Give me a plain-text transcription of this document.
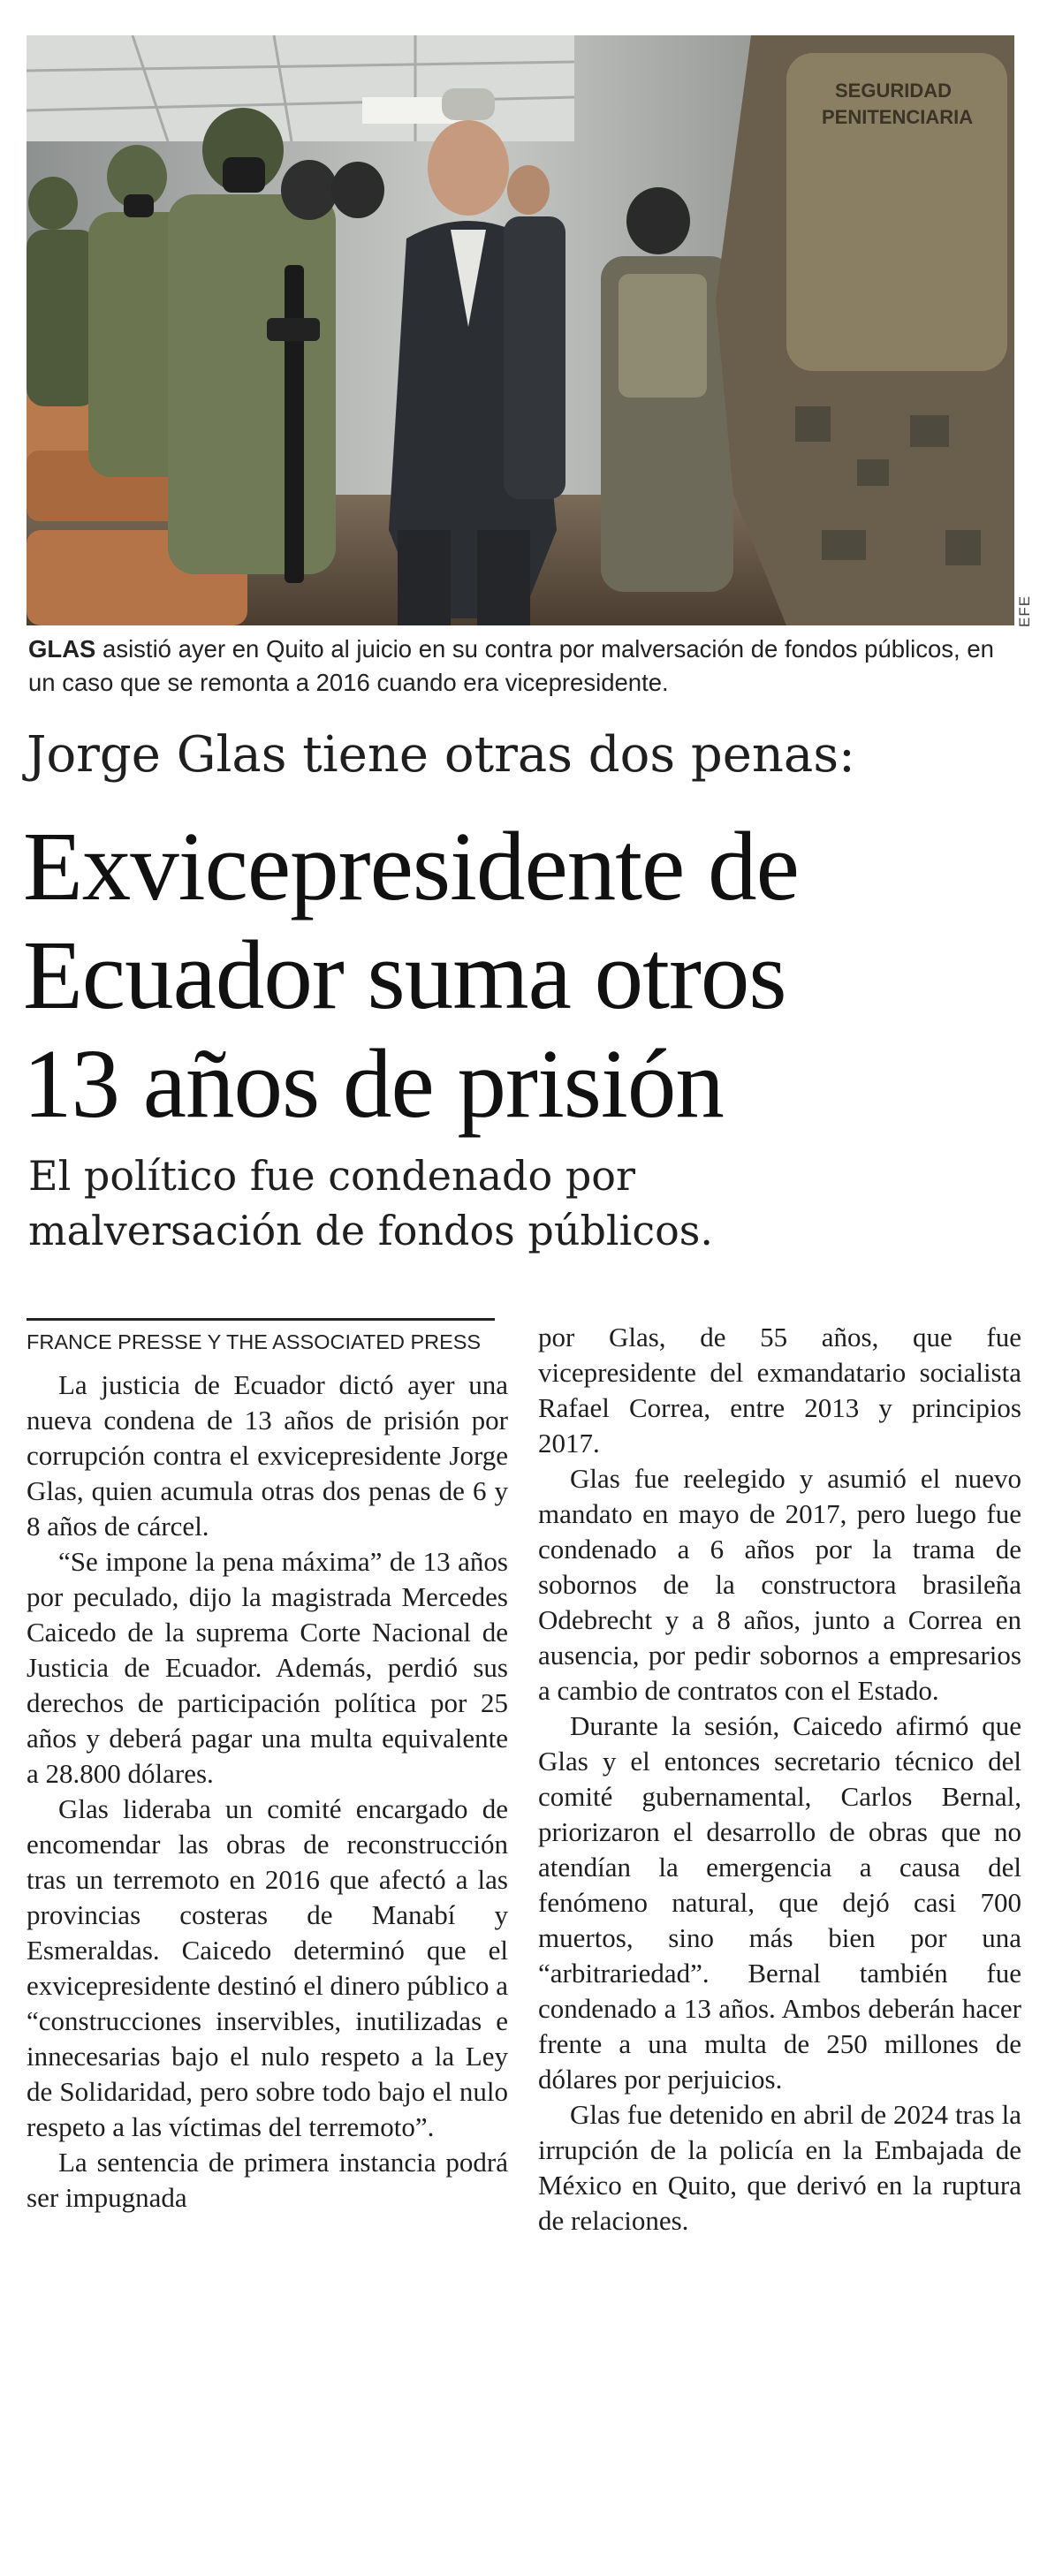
SEGURIDAD
PENITENCIARIA
EFE
GLAS asistió ayer en Quito al juicio en su contra por malversación de fondos públicos, en un caso que se remonta a 2016 cuando era vicepresidente.
Jorge Glas tiene otras dos penas:
Exvicepresidente de
Ecuador suma otros
13 años de prisión
El político fue condenado por
malversación de fondos públicos.
FRANCE PRESSE Y THE ASSOCIATED PRESS

La justicia de Ecuador dictó ayer una nueva condena de 13 años de prisión por corrupción contra el exvicepresidente Jorge Glas, quien acumula otras dos penas de 6 y 8 años de cárcel.

“Se impone la pena máxima” de 13 años por peculado, dijo la magistrada Mercedes Caicedo de la suprema Corte Nacional de Justicia de Ecuador. Además, perdió sus derechos de participación política por 25 años y deberá pagar una multa equivalente a 28.800 dólares.

Glas lideraba un comité encargado de encomendar las obras de reconstrucción tras un terremoto en 2016 que afectó a las provincias costeras de Manabí y Esmeraldas. Caicedo determinó que el exvicepresidente destinó el dinero público a “construcciones inservibles, inutilizadas e innecesarias bajo el nulo respeto a la Ley de Solidaridad, pero sobre todo bajo el nulo respeto a las víctimas del terremoto”.

La sentencia de primera instancia podrá ser impugnada

por Glas, de 55 años, que fue vicepresidente del exmandatario socialista Rafael Correa, entre 2013 y principios 2017.

Glas fue reelegido y asumió el nuevo mandato en mayo de 2017, pero luego fue condenado a 6 años por la trama de sobornos de la constructora brasileña Odebrecht y a 8 años, junto a Correa en ausencia, por pedir sobornos a empresarios a cambio de contratos con el Estado.

Durante la sesión, Caicedo afirmó que Glas y el entonces secretario técnico del comité gubernamental, Carlos Bernal, priorizaron el desarrollo de obras que no atendían la emergencia a causa del fenómeno natural, que dejó casi 700 muertos, sino más bien por una “arbitrariedad”. Bernal también fue condenado a 13 años. Ambos deberán hacer frente a una multa de 250 millones de dólares por perjuicios.

Glas fue detenido en abril de 2024 tras la irrupción de la policía en la Embajada de México en Quito, que derivó en la ruptura de relaciones.
